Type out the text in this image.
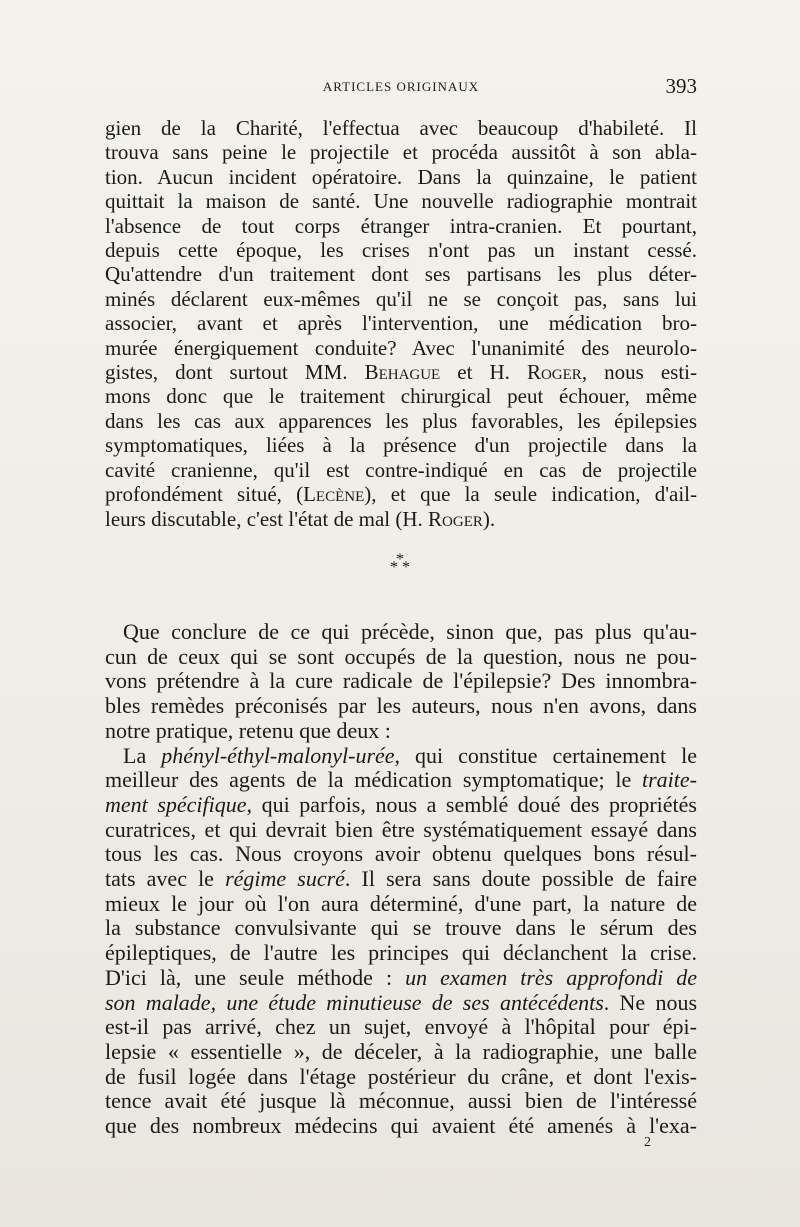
ARTICLES ORIGINAUX	393
gien de la Charité, l'effectua avec beaucoup d'habileté. Il
trouva sans peine le projectile et procéda aussitôt à son abla-
tion. Aucun incident opératoire. Dans la quinzaine, le patient
quittait la maison de santé. Une nouvelle radiographie montrait
l'absence de tout corps étranger intra-cranien. Et pourtant,
depuis cette époque, les crises n'ont pas un instant cessé.
Qu'attendre d'un traitement dont ses partisans les plus déter-
minés déclarent eux-mêmes qu'il ne se conçoit pas, sans lui
associer, avant et après l'intervention, une médication bro-
murée énergiquement conduite? Avec l'unanimité des neurolo-
gistes, dont surtout MM. Behague et H. Roger, nous esti-
mons donc que le traitement chirurgical peut échouer, même
dans les cas aux apparences les plus favorables, les épilepsies
symptomatiques, liées à la présence d'un projectile dans la
cavité cranienne, qu'il est contre-indiqué en cas de projectile
profondément situé, (Lecène), et que la seule indication, d'ail-
leurs discutable, c'est l'état de mal (H. Roger).
*
* *
Que conclure de ce qui précède, sinon que, pas plus qu'au-
cun de ceux qui se sont occupés de la question, nous ne pou-
vons prétendre à la cure radicale de l'épilepsie? Des innombra-
bles remèdes préconisés par les auteurs, nous n'en avons, dans
notre pratique, retenu que deux :
La phényl-éthyl-malonyl-urée, qui constitue certainement le
meilleur des agents de la médication symptomatique; le traite-
ment spécifique, qui parfois, nous a semblé doué des propriétés
curatrices, et qui devrait bien être systématiquement essayé dans
tous les cas. Nous croyons avoir obtenu quelques bons résul-
tats avec le régime sucré. Il sera sans doute possible de faire
mieux le jour où l'on aura déterminé, d'une part, la nature de
la substance convulsivante qui se trouve dans le sérum des
épileptiques, de l'autre les principes qui déclanchent la crise.
D'ici là, une seule méthode : un examen très approfondi de
son malade, une étude minutieuse de ses antécédents. Ne nous
est-il pas arrivé, chez un sujet, envoyé à l'hôpital pour épi-
lepsie « essentielle », de déceler, à la radiographie, une balle
de fusil logée dans l'étage postérieur du crâne, et dont l'exis-
tence avait été jusque là méconnue, aussi bien de l'intéressé
que des nombreux médecins qui avaient été amenés à l'exa-
2
